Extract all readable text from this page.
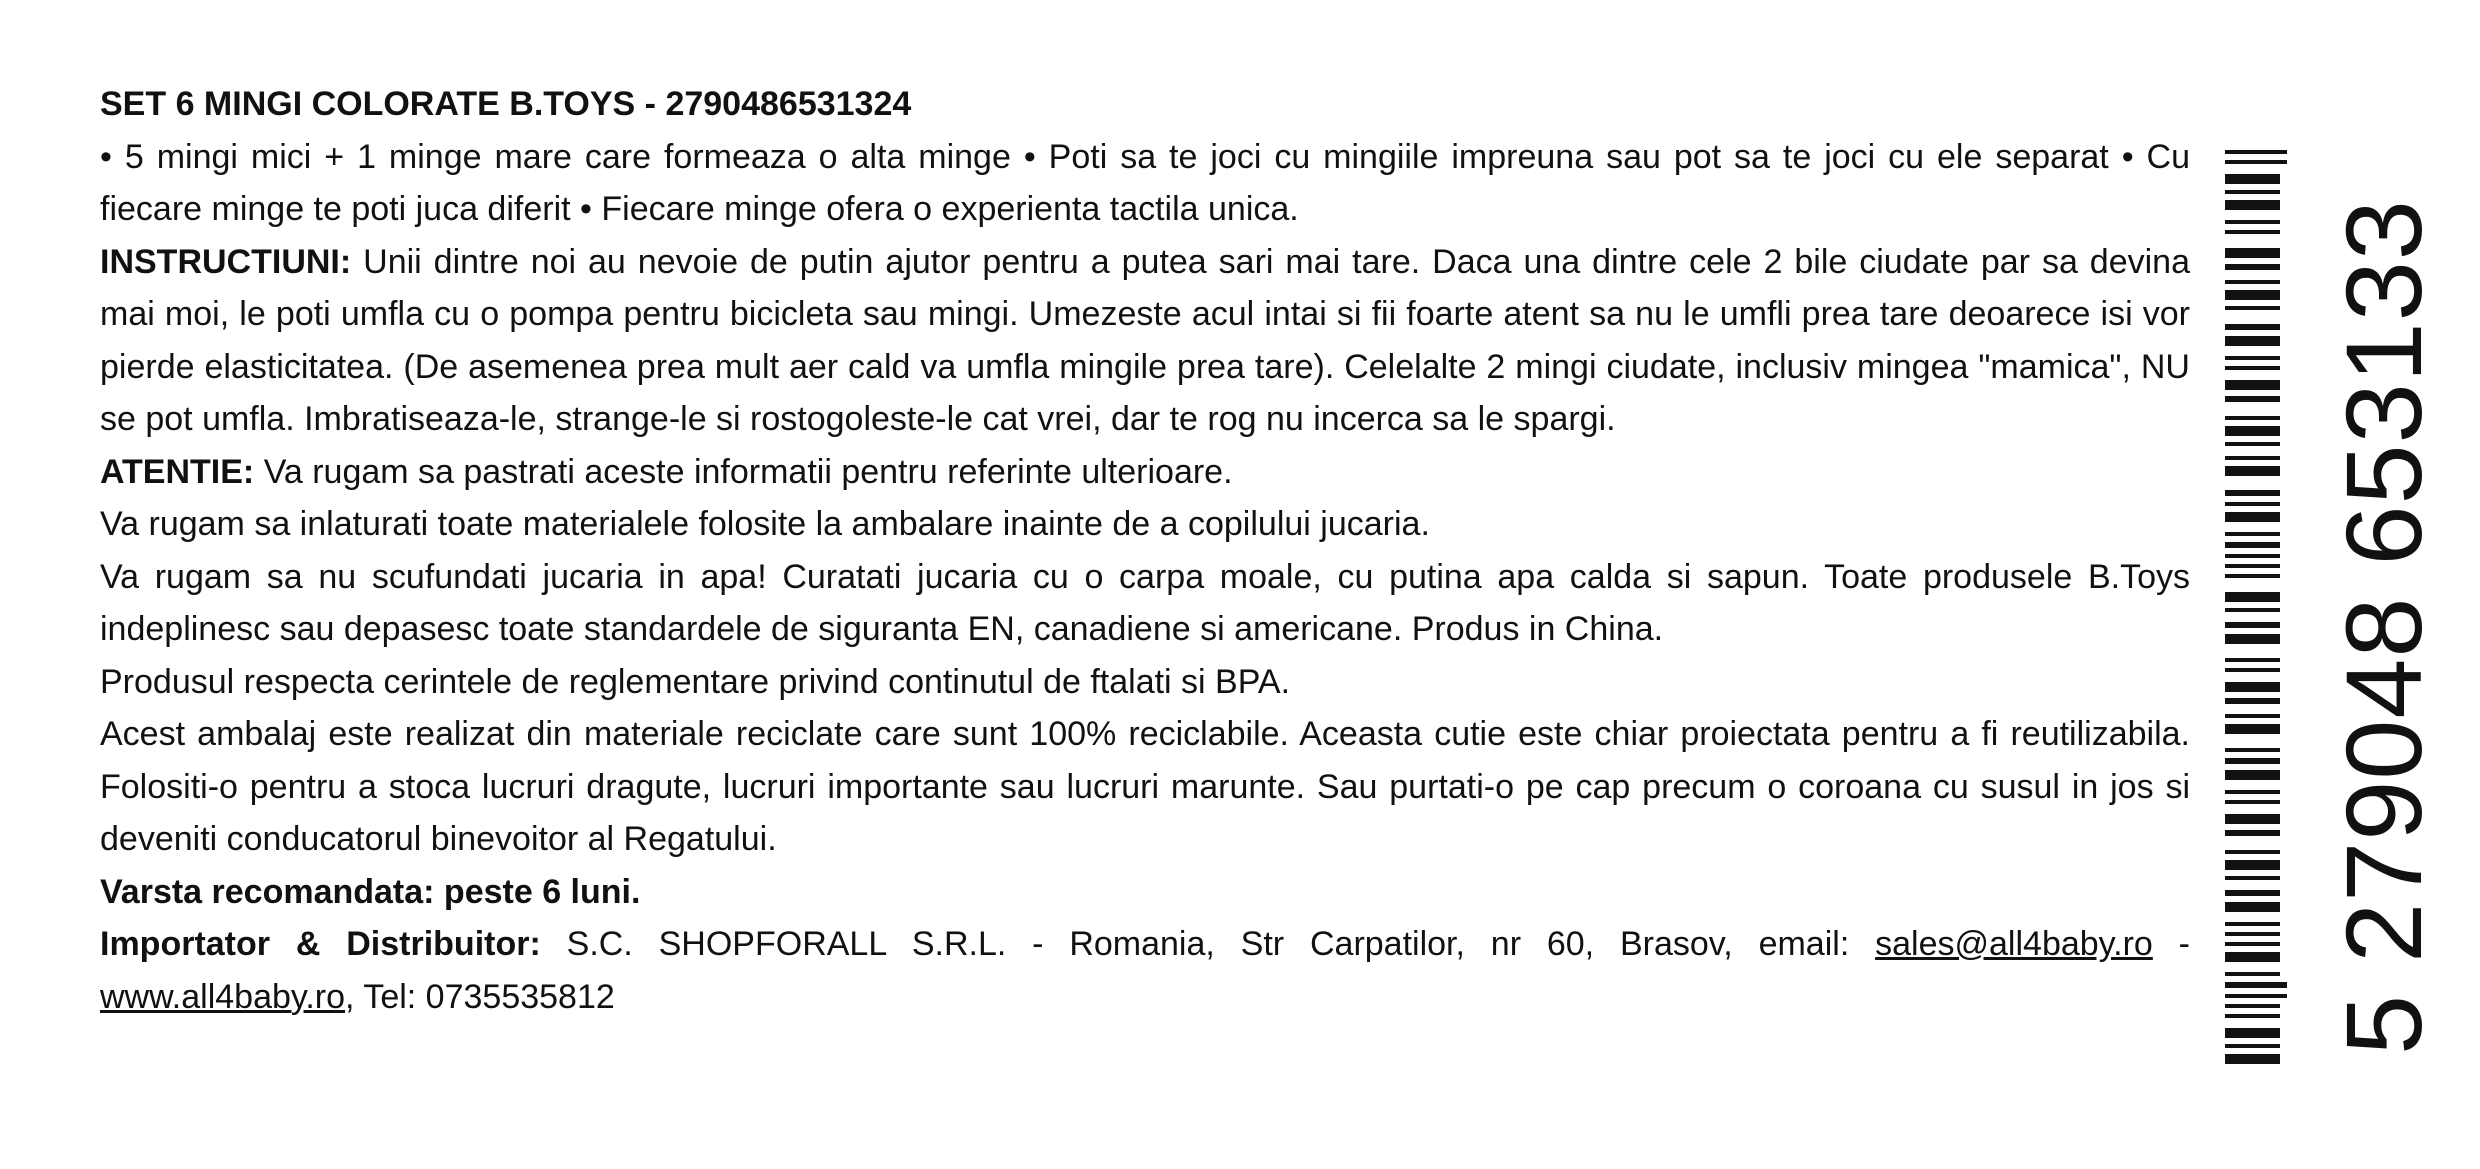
SET 6 MINGI COLORATE B.TOYS - 2790486531324

• 5 mingi mici + 1 minge mare care formeaza o alta minge • Poti sa te joci cu mingiile impreuna sau pot sa te joci cu ele separat • Cu fiecare minge te poti juca diferit • Fiecare minge ofera o experienta tactila unica.

INSTRUCTIUNI: Unii dintre noi au nevoie de putin ajutor pentru a putea sari mai tare. Daca una dintre cele 2 bile ciudate par sa devina mai moi, le poti umfla cu o pompa pentru bicicleta sau mingi. Umezeste acul intai si fii foarte atent sa nu le umfli prea tare deoarece isi vor pierde elasticitatea. (De asemenea prea mult aer cald va umfla mingile prea tare). Celelalte 2 mingi ciudate, inclusiv mingea "mamica", NU se pot umfla. Imbratiseaza-le, strange-le si rostogoleste-le cat vrei, dar te rog nu incerca sa le spargi.

ATENTIE: Va rugam sa pastrati aceste informatii pentru referinte ulterioare.

Va rugam sa inlaturati toate materialele folosite la ambalare inainte de a copilului jucaria.

Va rugam sa nu scufundati jucaria in apa! Curatati jucaria cu o carpa moale, cu putina apa calda si sapun. Toate produsele B.Toys indeplinesc sau depasesc toate standardele de siguranta EN, canadiene si americane. Produs in China.

Produsul respecta cerintele de reglementare privind continutul de ftalati si BPA.

Acest ambalaj este realizat din materiale reciclate care sunt 100% reciclabile. Aceasta cutie este chiar proiectata pentru a fi reutilizabila. Folositi-o pentru a stoca lucruri dragute, lucruri importante sau lucruri marunte. Sau purtati-o pe cap precum o coroana cu susul in jos si deveniti conducatorul binevoitor al Regatului.

Varsta recomandata: peste 6 luni.

Importator & Distribuitor: S.C. SHOPFORALL S.R.L. - Romania, Str Carpatilor, nr 60, Brasov, email: sales@all4baby.ro - www.all4baby.ro, Tel: 0735535812	5 279048 653133
